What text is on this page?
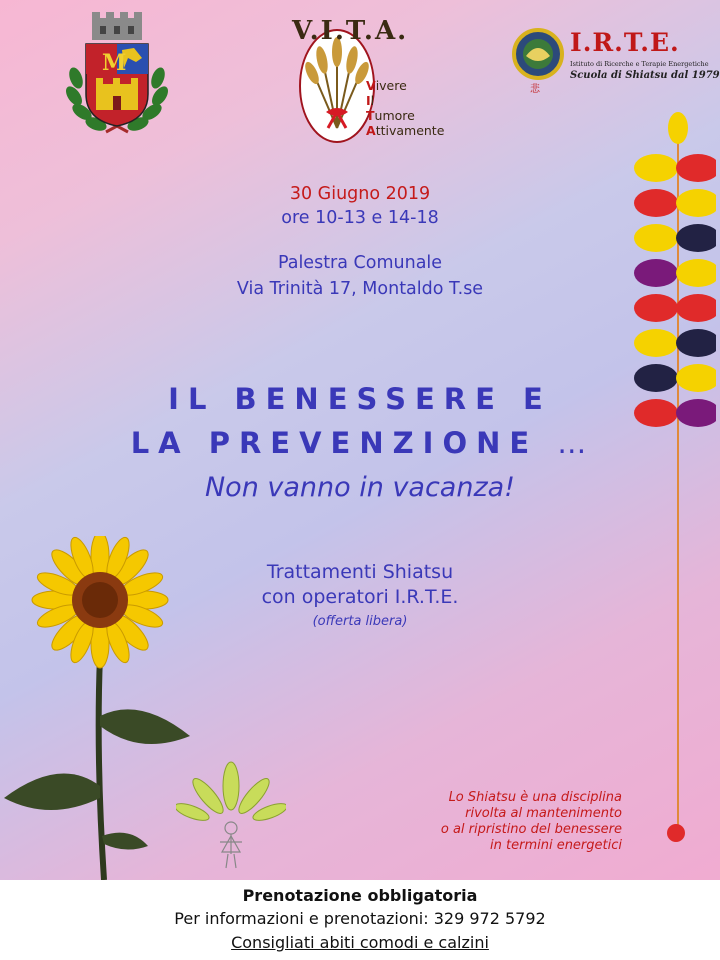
M
V.I.T.A.
Vivere
Il
Tumore
Attivamente
悲
I.R.T.E.
Istituto di Ricerche e Terapie Energetiche
Scuola di Shiatsu dal 1979
30 Giugno 2019
ore 10-13 e 14-18
Palestra Comunale
Via Trinità 17, Montaldo T.se
IL BENESSERE E
LA PREVENZIONE …
Non vanno in vacanza!
Trattamenti Shiatsu
con operatori I.R.T.E.
(offerta libera)
Lo Shiatsu è una disciplina
rivolta al mantenimento
o al ripristino del benessere
in termini energetici
Prenotazione obbligatoria
Per informazioni e prenotazioni: 329 972 5792
Consigliati abiti comodi e calzini
